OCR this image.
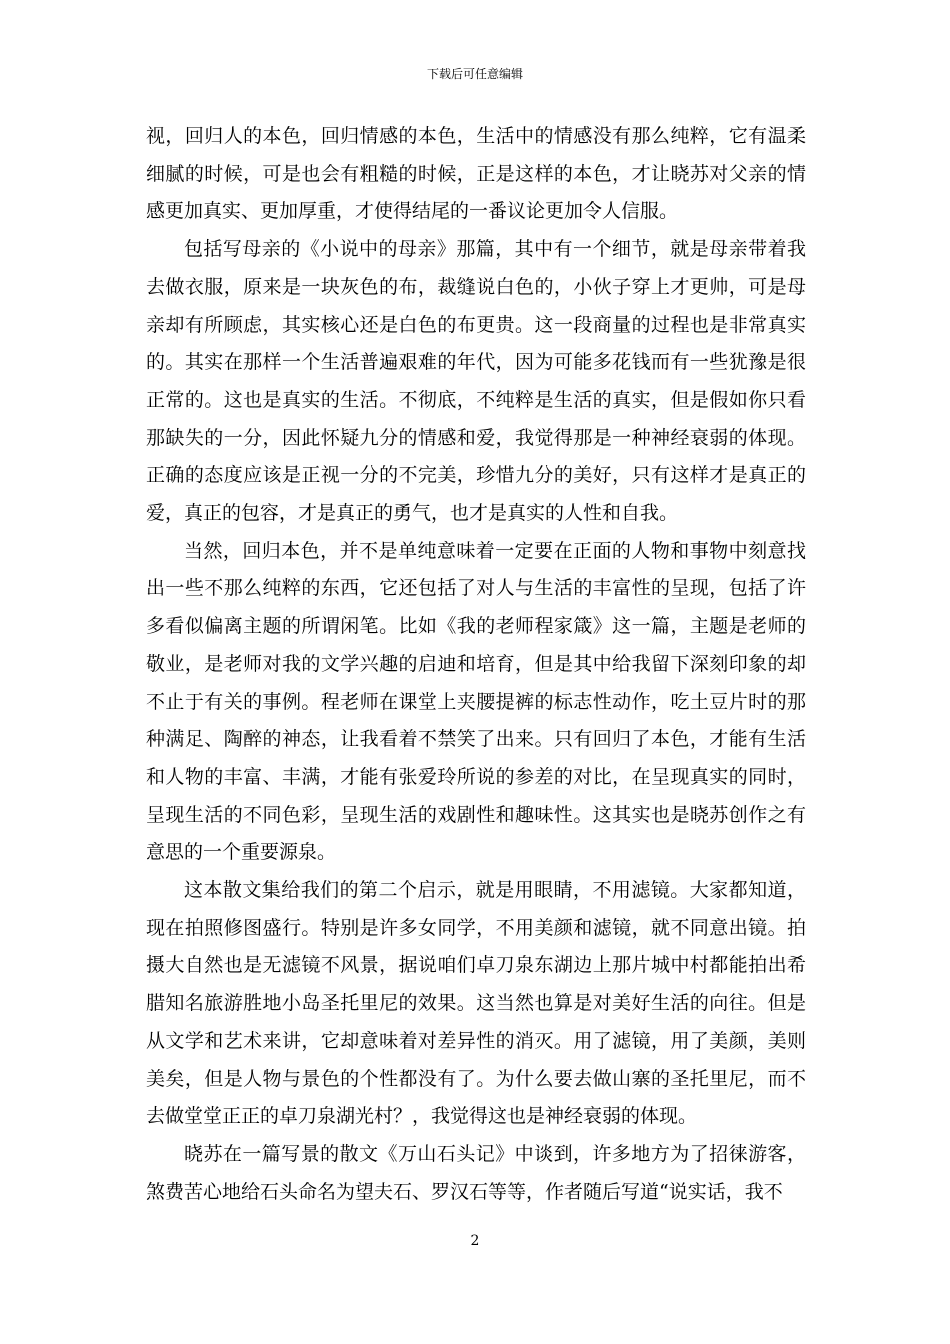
下载后可任意编辑

视，回归人的本色，回归情感的本色，生活中的情感没有那么纯粹，它有温柔细腻的时候，可是也会有粗糙的时候，正是这样的本色，才让晓苏对父亲的情感更加真实、更加厚重，才使得结尾的一番议论更加令人信服。

包括写母亲的《小说中的母亲》那篇，其中有一个细节，就是母亲带着我去做衣服，原来是一块灰色的布，裁缝说白色的，小伙子穿上才更帅，可是母亲却有所顾虑，其实核心还是白色的布更贵。这一段商量的过程也是非常真实的。其实在那样一个生活普遍艰难的年代，因为可能多花钱而有一些犹豫是很正常的。这也是真实的生活。不彻底，不纯粹是生活的真实，但是假如你只看那缺失的一分，因此怀疑九分的情感和爱，我觉得那是一种神经衰弱的体现。正确的态度应该是正视一分的不完美，珍惜九分的美好，只有这样才是真正的爱，真正的包容，才是真正的勇气，也才是真实的人性和自我。

当然，回归本色，并不是单纯意味着一定要在正面的人物和事物中刻意找出一些不那么纯粹的东西，它还包括了对人与生活的丰富性的呈现，包括了许多看似偏离主题的所谓闲笔。比如《我的老师程家箴》这一篇，主题是老师的敬业，是老师对我的文学兴趣的启迪和培育，但是其中给我留下深刻印象的却不止于有关的事例。程老师在课堂上夹腰提裤的标志性动作，吃土豆片时的那种满足、陶醉的神态，让我看着不禁笑了出来。只有回归了本色，才能有生活和人物的丰富、丰满，才能有张爱玲所说的参差的对比，在呈现真实的同时，呈现生活的不同色彩，呈现生活的戏剧性和趣味性。这其实也是晓苏创作之有意思的一个重要源泉。

这本散文集给我们的第二个启示，就是用眼睛，不用滤镜。大家都知道，现在拍照修图盛行。特别是许多女同学，不用美颜和滤镜，就不同意出镜。拍摄大自然也是无滤镜不风景，据说咱们卓刀泉东湖边上那片城中村都能拍出希腊知名旅游胜地小岛圣托里尼的效果。这当然也算是对美好生活的向往。但是从文学和艺术来讲，它却意味着对差异性的消灭。用了滤镜，用了美颜，美则美矣，但是人物与景色的个性都没有了。为什么要去做山寨的圣托里尼，而不去做堂堂正正的卓刀泉湖光村？，我觉得这也是神经衰弱的体现。

晓苏在一篇写景的散文《万山石头记》中谈到，许多地方为了招徕游客，煞费苦心地给石头命名为望夫石、罗汉石等等，作者随后写道“说实话，我不

2
